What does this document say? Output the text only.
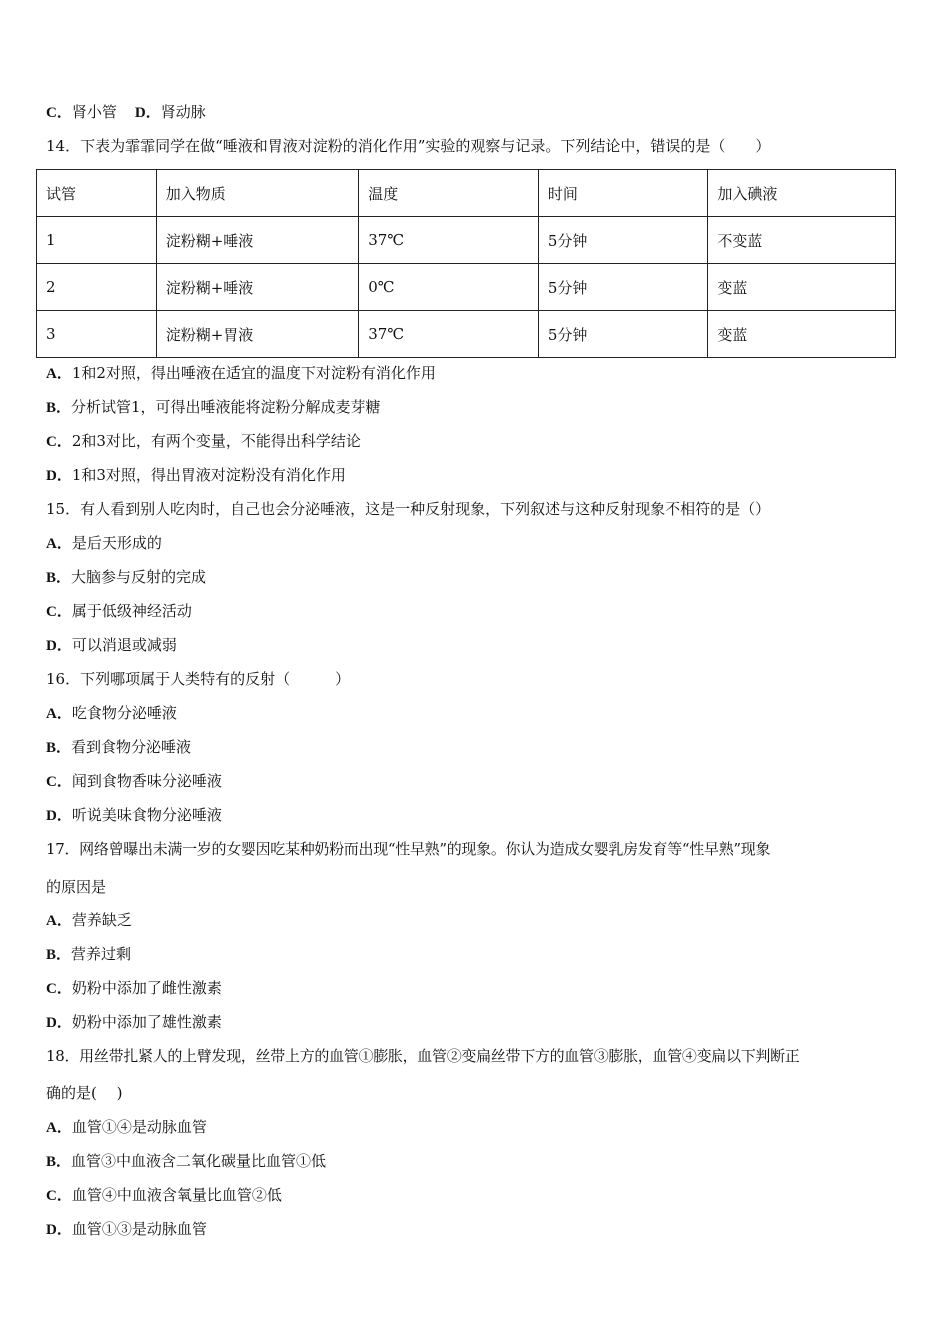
C．肾小管 D．肾动脉
14．下表为霏霏同学在做“唾液和胃液对淀粉的消化作用”实验的观察与记录。下列结论中，错误的是（　　）
试管	加入物质	温度	时间	加入碘液
1	淀粉糊+唾液	37℃	5分钟	不变蓝
2	淀粉糊+唾液	0℃	5分钟	变蓝
3	淀粉糊+胃液	37℃	5分钟	变蓝
A．1和2对照，得出唾液在适宜的温度下对淀粉有消化作用
B．分析试管1，可得出唾液能将淀粉分解成麦芽糖
C．2和3对比，有两个变量，不能得出科学结论
D．1和3对照，得出胃液对淀粉没有消化作用
15．有人看到别人吃肉时，自己也会分泌唾液，这是一种反射现象，下列叙述与这种反射现象不相符的是（）
A．是后天形成的
B．大脑参与反射的完成
C．属于低级神经活动
D．可以消退或减弱
16．下列哪项属于人类特有的反射（　　　）
A．吃食物分泌唾液
B．看到食物分泌唾液
C．闻到食物香味分泌唾液
D．听说美味食物分泌唾液
17．网络曾曝出未满一岁的女婴因吃某种奶粉而出现“性早熟”的现象。你认为造成女婴乳房发育等“性早熟”现象
的原因是
A．营养缺乏
B．营养过剩
C．奶粉中添加了雌性激素
D．奶粉中添加了雄性激素
18．用丝带扎紧人的上臂发现，丝带上方的血管①膨胀，血管②变扁丝带下方的血管③膨胀，血管④变扁以下判断正
确的是(　 )
A．血管①④是动脉血管
B．血管③中血液含二氧化碳量比血管①低
C．血管④中血液含氧量比血管②低
D．血管①③是动脉血管
